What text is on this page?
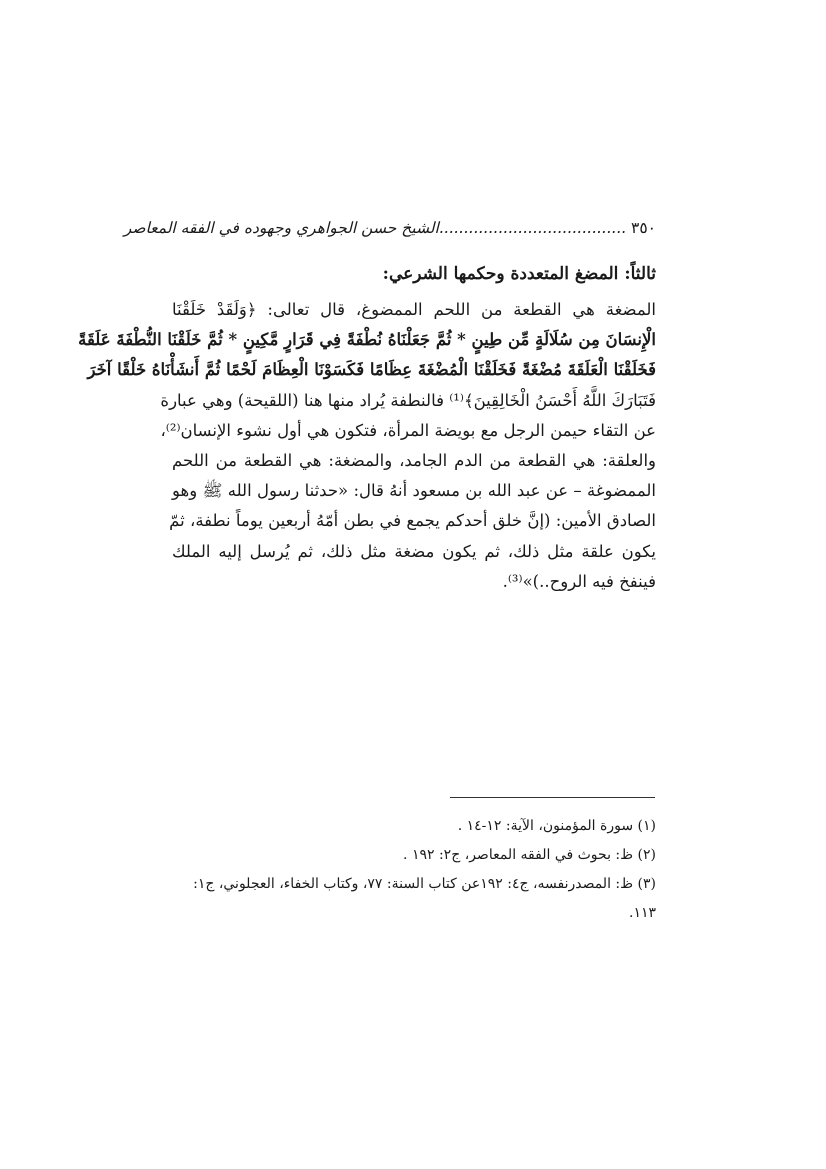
٣٥٠ ......................................الشيخ حسن الجواهري وجهوده في الفقه المعاصر
ثالثاً: المضغ المتعددة وحكمها الشرعي:
المضغة هي القطعة من اللحم الممضوغ، قال تعالى: ﴿وَلَقَدْ خَلَقْنَا
الْإِنسَانَ مِن سُلَالَةٍ مِّن طِينٍ * ثُمَّ جَعَلْنَاهُ نُطْفَةً فِي قَرَارٍ مَّكِينٍ * ثُمَّ خَلَقْنَا النُّطْفَةَ عَلَقَةً
فَخَلَقْنَا الْعَلَقَةَ مُضْغَةً فَخَلَقْنَا الْمُضْغَةَ عِظَامًا فَكَسَوْنَا الْعِظَامَ لَحْمًا ثُمَّ أَنشَأْنَاهُ خَلْقًا آخَرَ
فَتَبَارَكَ اللَّهُ أَحْسَنُ الْخَالِقِينَ﴾⁽¹⁾ فالنطفة يُراد منها هنا (اللقيحة) وهي عبارة
عن التقاء حيمن الرجل مع بويضة المرأة، فتكون هي أول نشوء الإنسان⁽²⁾،
والعلقة: هي القطعة من الدم الجامد، والمضغة: هي القطعة من اللحم
الممضوغة – عن عبد الله بن مسعود أنهُ قال: «حدثنا رسول الله ﷺ وهو
الصادق الأمين: (إنَّ خلق أحدكم يجمع في بطن أمّهُ أربعين يوماً نطفة، ثمّ
يكون علقة مثل ذلك، ثم يكون مضغة مثل ذلك، ثم يُرسل إليه الملك
فينفخ فيه الروح..)»⁽³⁾.
(١) سورة المؤمنون، الآية: ١٢-١٤ .
(٢) ظ: بحوث في الفقه المعاصر، ج٢: ١٩٢ .
(٣) ظ: المصدرنفسه، ج٤: ١٩٢عن كتاب السنة: ٧٧، وكتاب الخفاء، العجلوني، ج١:
١١٣.
